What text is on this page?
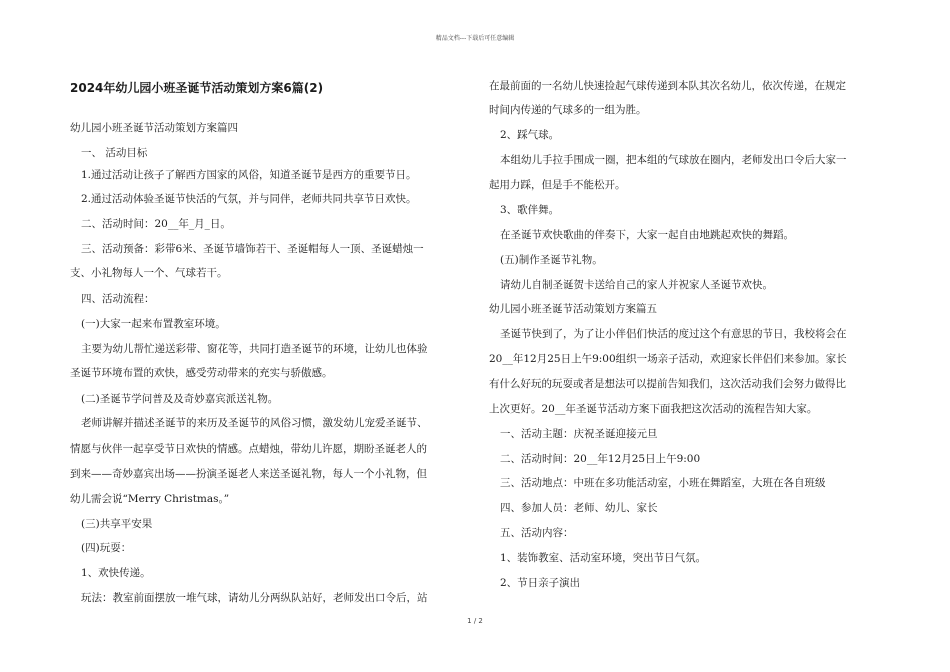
精品文档---下载后可任意编辑
2024年幼儿园小班圣诞节活动策划方案6篇(2)
幼儿园小班圣诞节活动策划方案篇四
一、 活动目标
1.通过活动让孩子了解西方国家的风俗，知道圣诞节是西方的重要节日。
2.通过活动体验圣诞节快活的气氛，并与同伴，老师共同共享节日欢快。
二、活动时间：20__年_月_日。
三、活动预备：彩带6米、圣诞节墙饰若干、圣诞帽每人一顶、圣诞蜡烛一
支、小礼物每人一个、气球若干。
四、活动流程：
(一)大家一起来布置教室环境。
主要为幼儿帮忙递送彩带、窗花等，共同打造圣诞节的环境，让幼儿也体验
圣诞节环境布置的欢快，感受劳动带来的充实与骄傲感。
(二)圣诞节学问普及及奇妙嘉宾派送礼物。
老师讲解并描述圣诞节的来历及圣诞节的风俗习惯，激发幼儿宠爱圣诞节、
情愿与伙伴一起享受节日欢快的情感。点蜡烛，带幼儿许愿，期盼圣诞老人的
到来——奇妙嘉宾出场——扮演圣诞老人来送圣诞礼物，每人一个小礼物，但
幼儿需会说“Merry Christmas。”
(三)共享平安果
(四)玩耍：
1、欢快传递。
玩法：教室前面摆放一堆气球，请幼儿分两纵队站好，老师发出口令后，站
在最前面的一名幼儿快速捡起气球传递到本队其次名幼儿，依次传递，在规定
时间内传递的气球多的一组为胜。
2、踩气球。
本组幼儿手拉手围成一圈，把本组的气球放在圈内，老师发出口令后大家一
起用力踩，但是手不能松开。
3、歌伴舞。
在圣诞节欢快歌曲的伴奏下，大家一起自由地跳起欢快的舞蹈。
(五)制作圣诞节礼物。
请幼儿自制圣诞贺卡送给自己的家人并祝家人圣诞节欢快。
幼儿园小班圣诞节活动策划方案篇五
圣诞节快到了，为了让小伴侣们快活的度过这个有意思的节日，我校将会在
20__年12月25日上午9:00组织一场亲子活动，欢迎家长伴侣们来参加。家长
有什么好玩的玩耍或者是想法可以提前告知我们，这次活动我们会努力做得比
上次更好。20__年圣诞节活动方案下面我把这次活动的流程告知大家。
一、活动主题：庆祝圣诞迎接元旦
二、活动时间：20__年12月25日上午9:00
三、活动地点：中班在多功能活动室，小班在舞蹈室，大班在各自班级
四、参加人员：老师、幼儿、家长
五、活动内容：
1、装饰教室、活动室环境，突出节日气氛。
2、节日亲子演出
1 / 2
